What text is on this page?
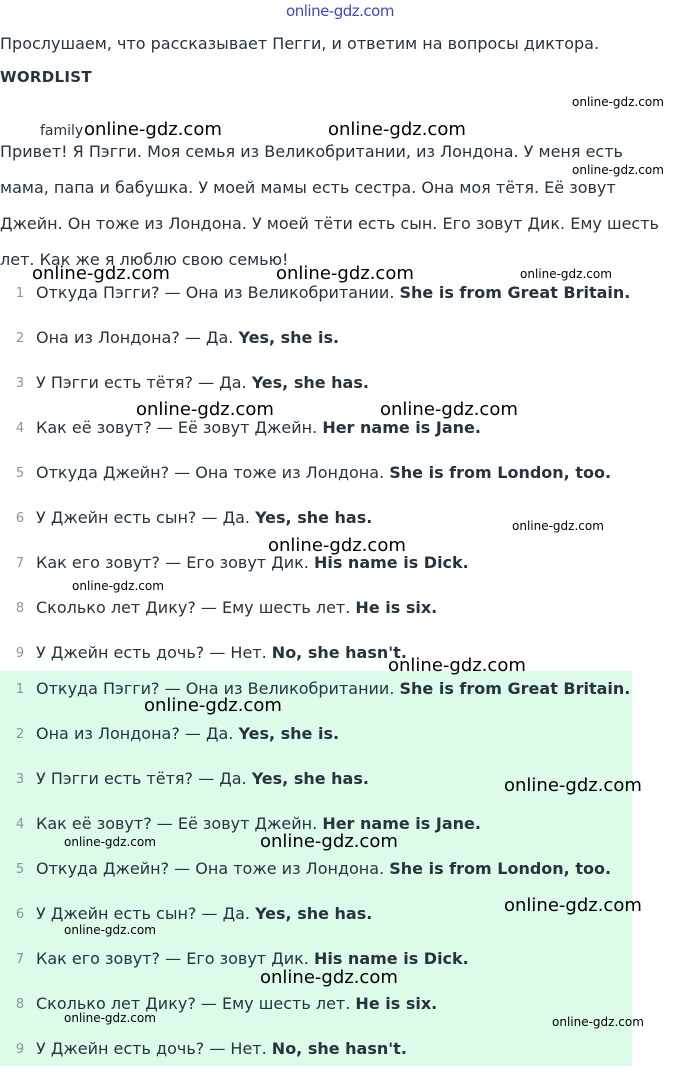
online-gdz.com
Прослушаем, что рассказывает Пегги, и ответим на вопросы диктора.
WORDLIST
family

Привет! Я Пэгги. Моя семья из Великобритании, из Лондона. У меня есть мама, папа и бабушка. У моей мамы есть сестра. Она моя тётя. Её зовут Джейн. Он тоже из Лондона. У моей тёти есть сын. Его зовут Дик. Ему шесть лет. Как же я люблю свою семью!

1 Откуда Пэгги? — Она из Великобритании. She is from Great Britain.
2 Она из Лондона? — Да. Yes, she is.
3 У Пэгги есть тётя? — Да. Yes, she has.
4 Как её зовут? — Её зовут Джейн. Her name is Jane.
5 Откуда Джейн? — Она тоже из Лондона. She is from London, too.
6 У Джейн есть сын? — Да. Yes, she has.
7 Как его зовут? — Его зовут Дик. His name is Dick.
8 Сколько лет Дику? — Ему шесть лет. He is six.
9 У Джейн есть дочь? — Нет. No, she hasn't.
1 Откуда Пэгги? — Она из Великобритании. She is from Great Britain.
2 Она из Лондона? — Да. Yes, she is.
3 У Пэгги есть тётя? — Да. Yes, she has.
4 Как её зовут? — Её зовут Джейн. Her name is Jane.
5 Откуда Джейн? — Она тоже из Лондона. She is from London, too.
6 У Джейн есть сын? — Да. Yes, she has.
7 Как его зовут? — Его зовут Дик. His name is Dick.
8 Сколько лет Дику? — Ему шесть лет. He is six.
9 У Джейн есть дочь? — Нет. No, she hasn't.
online-gdz.com	online-gdz.com
online-gdz.com
online-gdz.com
online-gdz.com	online-gdz.com	online-gdz.com
online-gdz.com	online-gdz.com
online-gdz.com
online-gdz.com
online-gdz.com
online-gdz.com
online-gdz.com
online-gdz.com
online-gdz.com	online-gdz.com
online-gdz.com
online-gdz.com
online-gdz.com
online-gdz.com	online-gdz.com
